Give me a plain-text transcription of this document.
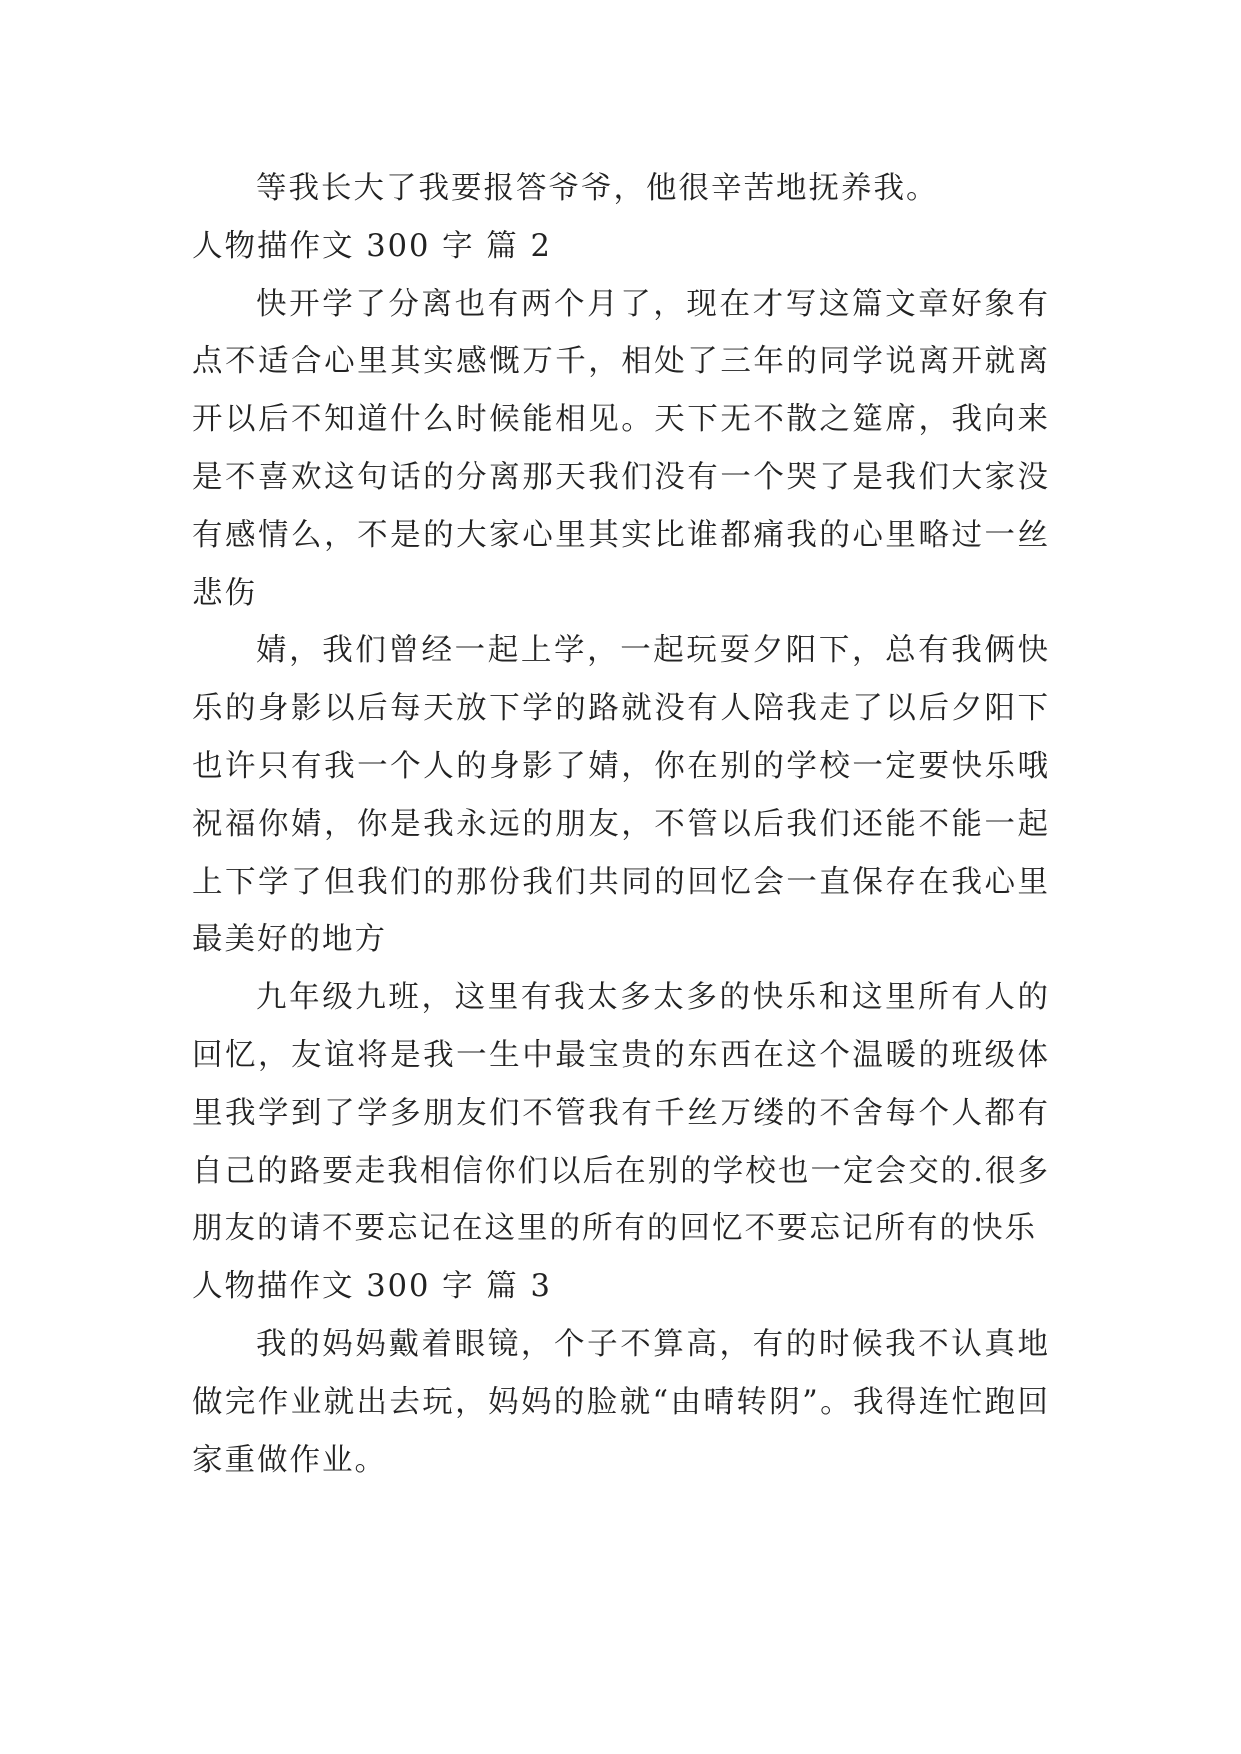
等我长大了我要报答爷爷，他很辛苦地抚养我。

人物描作文 300 字 篇 2

快开学了分离也有两个月了，现在才写这篇文章好象有点不适合心里其实感慨万千，相处了三年的同学说离开就离开以后不知道什么时候能相见。天下无不散之筵席，我向来是不喜欢这句话的分离那天我们没有一个哭了是我们大家没有感情么，不是的大家心里其实比谁都痛我的心里略过一丝悲伤

婧，我们曾经一起上学，一起玩耍夕阳下，总有我俩快乐的身影以后每天放下学的路就没有人陪我走了以后夕阳下也许只有我一个人的身影了婧，你在别的学校一定要快乐哦祝福你婧，你是我永远的朋友，不管以后我们还能不能一起上下学了但我们的那份我们共同的回忆会一直保存在我心里最美好的地方

九年级九班，这里有我太多太多的快乐和这里所有人的回忆，友谊将是我一生中最宝贵的东西在这个温暖的班级体里我学到了学多朋友们不管我有千丝万缕的不舍每个人都有自己的路要走我相信你们以后在别的学校也一定会交的.很多朋友的请不要忘记在这里的所有的回忆不要忘记所有的快乐

人物描作文 300 字 篇 3

我的妈妈戴着眼镜，个子不算高，有的时候我不认真地做完作业就出去玩，妈妈的脸就“由晴转阴”。我得连忙跑回家重做作业。
